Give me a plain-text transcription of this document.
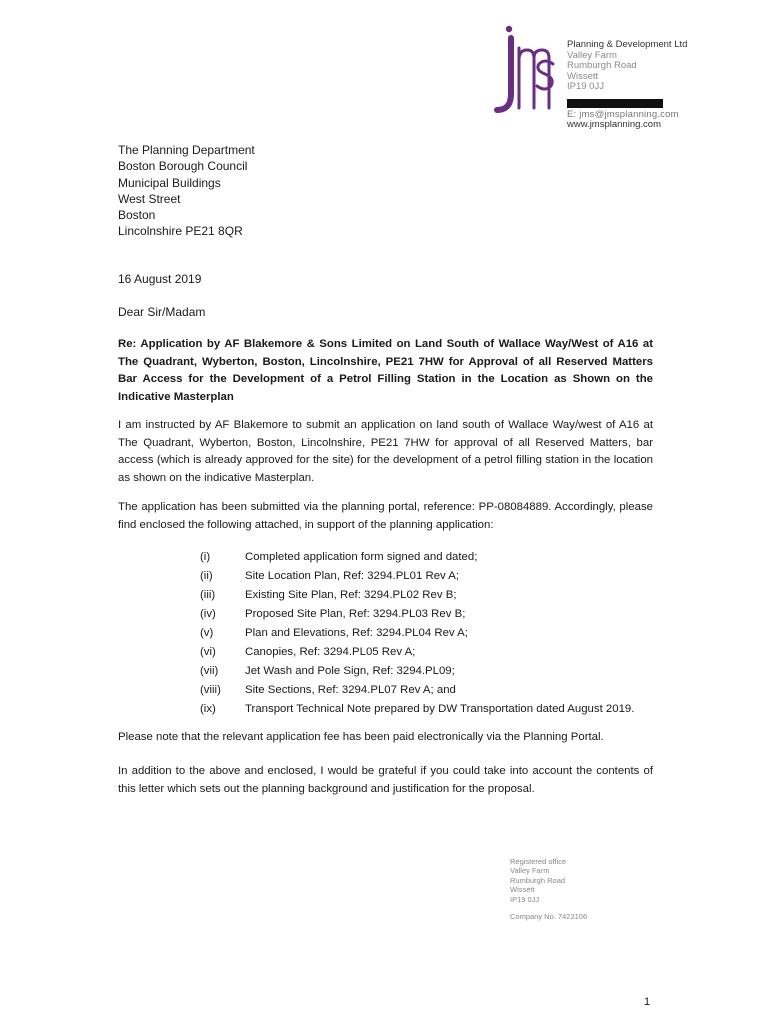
Planning & Development Ltd
Valley Farm
Rumburgh Road
Wissett
IP19 0JJ
E: jms@jmsplanning.com
www.jmsplanning.com
The Planning Department
Boston Borough Council
Municipal Buildings
West Street
Boston
Lincolnshire PE21 8QR
16 August 2019
Dear Sir/Madam
Re: Application by AF Blakemore & Sons Limited on Land South of Wallace Way/West of A16 at The Quadrant, Wyberton, Boston, Lincolnshire, PE21 7HW for Approval of all Reserved Matters Bar Access for the Development of a Petrol Filling Station in the Location as Shown on the Indicative Masterplan
I am instructed by AF Blakemore to submit an application on land south of Wallace Way/west of A16 at The Quadrant, Wyberton, Boston, Lincolnshire, PE21 7HW for approval of all Reserved Matters, bar access (which is already approved for the site) for the development of a petrol filling station in the location as shown on the indicative Masterplan.
The application has been submitted via the planning portal, reference: PP-08084889. Accordingly, please find enclosed the following attached, in support of the planning application:
(i)	Completed application form signed and dated;
(ii)	Site Location Plan, Ref: 3294.PL01 Rev A;
(iii)	Existing Site Plan, Ref: 3294.PL02 Rev B;
(iv)	Proposed Site Plan, Ref: 3294.PL03 Rev B;
(v)	Plan and Elevations, Ref: 3294.PL04 Rev A;
(vi)	Canopies, Ref: 3294.PL05 Rev A;
(vii)	Jet Wash and Pole Sign, Ref: 3294.PL09;
(viii)	Site Sections, Ref: 3294.PL07 Rev A; and
(ix)	Transport Technical Note prepared by DW Transportation dated August 2019.
Please note that the relevant application fee has been paid electronically via the Planning Portal.
In addition to the above and enclosed, I would be grateful if you could take into account the contents of this letter which sets out the planning background and justification for the proposal.
Registered office
Valley Farm
Rumburgh Road
Wissett
IP19 0JJ
Company No. 7422106
1
